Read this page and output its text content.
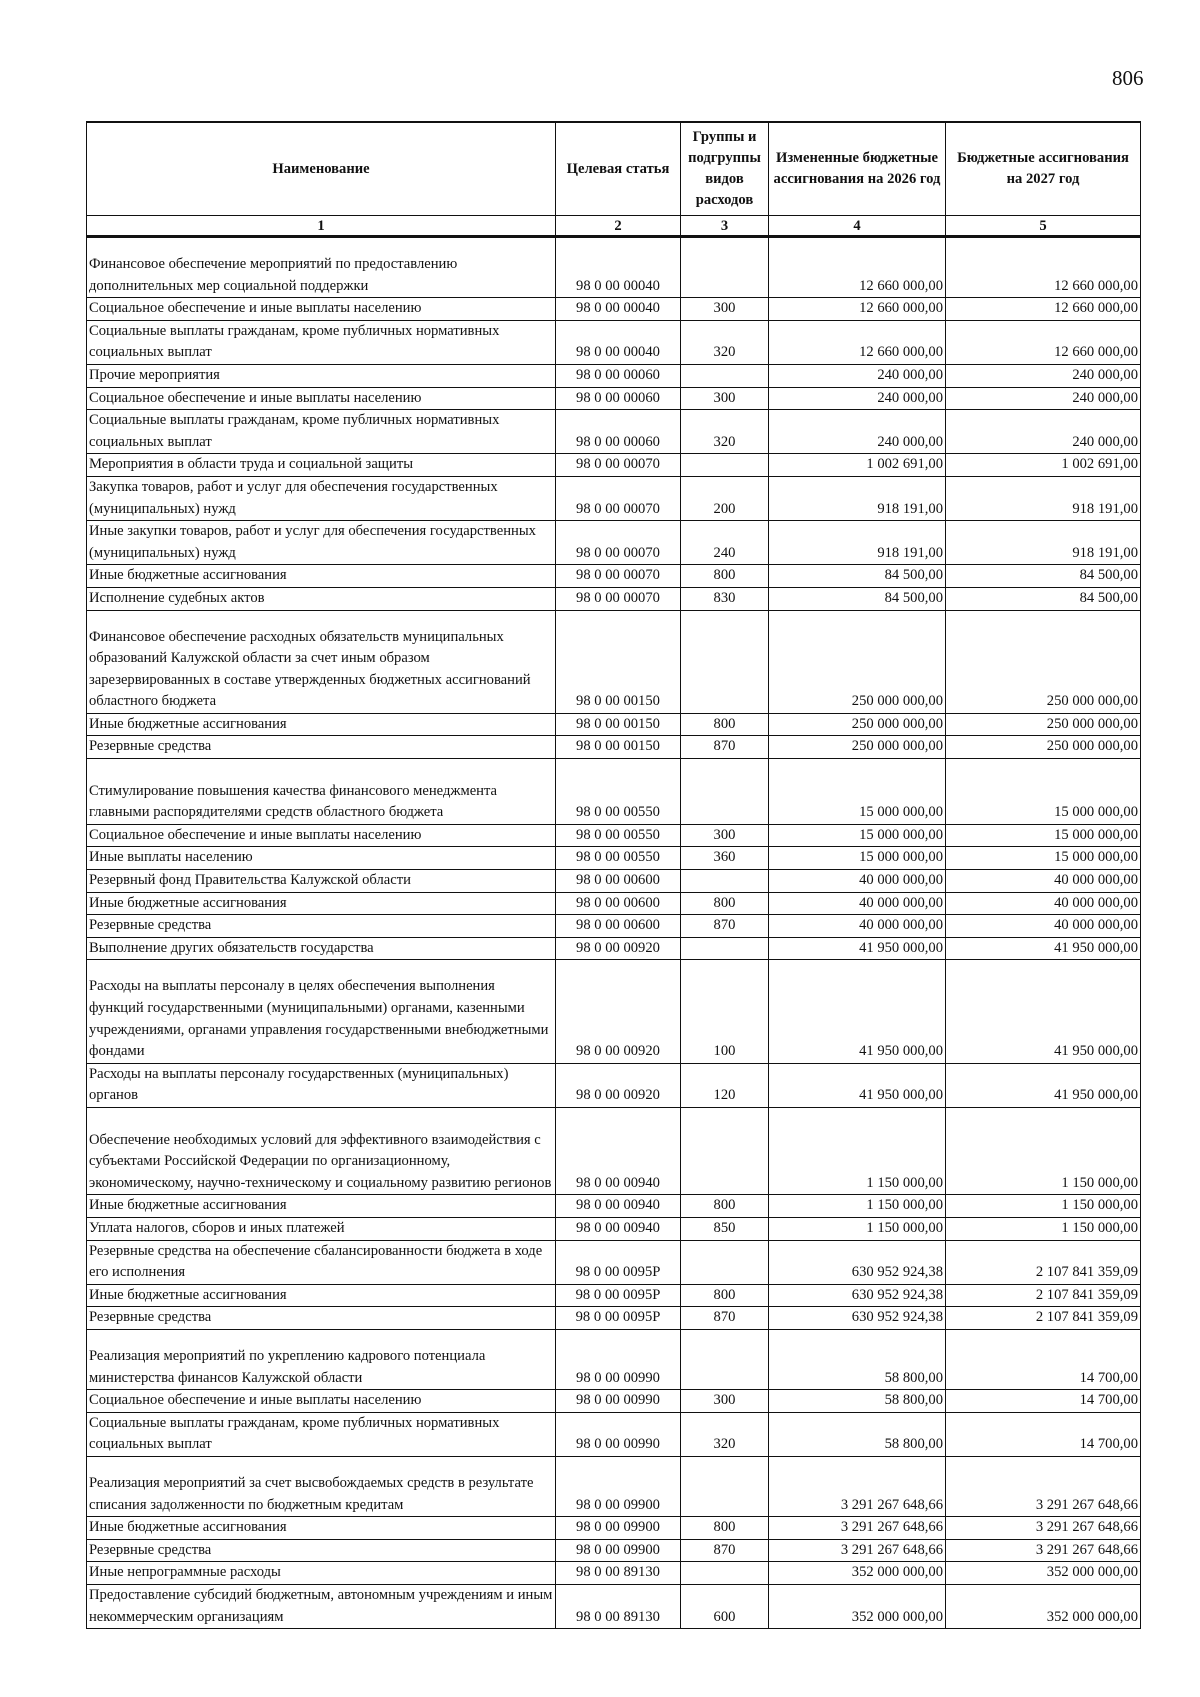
806
Наименование	Целевая статья	Группы и подгруппы видов расходов	Измененные бюджетные ассигнования на 2026 год	Бюджетные ассигнования на 2027 год
1	2	3	4	5
Финансовое обеспечение мероприятий по предоставлению дополнительных мер социальной поддержки	98 0 00 00040		12 660 000,00	12 660 000,00
Социальное обеспечение и иные выплаты населению	98 0 00 00040	300	12 660 000,00	12 660 000,00
Социальные выплаты гражданам, кроме публичных нормативных социальных выплат	98 0 00 00040	320	12 660 000,00	12 660 000,00
Прочие мероприятия	98 0 00 00060		240 000,00	240 000,00
Социальное обеспечение и иные выплаты населению	98 0 00 00060	300	240 000,00	240 000,00
Социальные выплаты гражданам, кроме публичных нормативных социальных выплат	98 0 00 00060	320	240 000,00	240 000,00
Мероприятия в области труда и социальной защиты	98 0 00 00070		1 002 691,00	1 002 691,00
Закупка товаров, работ и услуг для обеспечения государственных (муниципальных) нужд	98 0 00 00070	200	918 191,00	918 191,00
Иные закупки товаров, работ и услуг для обеспечения государственных (муниципальных) нужд	98 0 00 00070	240	918 191,00	918 191,00
Иные бюджетные ассигнования	98 0 00 00070	800	84 500,00	84 500,00
Исполнение судебных актов	98 0 00 00070	830	84 500,00	84 500,00
Финансовое обеспечение расходных обязательств муниципальных образований Калужской области за счет иным образом зарезервированных в составе утвержденных бюджетных ассигнований областного бюджета	98 0 00 00150		250 000 000,00	250 000 000,00
Иные бюджетные ассигнования	98 0 00 00150	800	250 000 000,00	250 000 000,00
Резервные средства	98 0 00 00150	870	250 000 000,00	250 000 000,00
Стимулирование повышения качества финансового менеджмента главными распорядителями средств областного бюджета	98 0 00 00550		15 000 000,00	15 000 000,00
Социальное обеспечение и иные выплаты населению	98 0 00 00550	300	15 000 000,00	15 000 000,00
Иные выплаты населению	98 0 00 00550	360	15 000 000,00	15 000 000,00
Резервный фонд Правительства Калужской области	98 0 00 00600		40 000 000,00	40 000 000,00
Иные бюджетные ассигнования	98 0 00 00600	800	40 000 000,00	40 000 000,00
Резервные средства	98 0 00 00600	870	40 000 000,00	40 000 000,00
Выполнение других обязательств государства	98 0 00 00920		41 950 000,00	41 950 000,00
Расходы на выплаты персоналу в целях обеспечения выполнения функций государственными (муниципальными) органами, казенными учреждениями, органами управления государственными внебюджетными фондами	98 0 00 00920	100	41 950 000,00	41 950 000,00
Расходы на выплаты персоналу государственных (муниципальных) органов	98 0 00 00920	120	41 950 000,00	41 950 000,00
Обеспечение необходимых условий для эффективного взаимодействия с субъектами Российской Федерации по организационному, экономическому, научно-техническому и социальному развитию регионов	98 0 00 00940		1 150 000,00	1 150 000,00
Иные бюджетные ассигнования	98 0 00 00940	800	1 150 000,00	1 150 000,00
Уплата налогов, сборов и иных платежей	98 0 00 00940	850	1 150 000,00	1 150 000,00
Резервные средства на обеспечение сбалансированности бюджета в ходе его исполнения	98 0 00 0095P		630 952 924,38	2 107 841 359,09
Иные бюджетные ассигнования	98 0 00 0095P	800	630 952 924,38	2 107 841 359,09
Резервные средства	98 0 00 0095P	870	630 952 924,38	2 107 841 359,09
Реализация мероприятий по укреплению кадрового потенциала министерства финансов Калужской области	98 0 00 00990		58 800,00	14 700,00
Социальное обеспечение и иные выплаты населению	98 0 00 00990	300	58 800,00	14 700,00
Социальные выплаты гражданам, кроме публичных нормативных социальных выплат	98 0 00 00990	320	58 800,00	14 700,00
Реализация мероприятий за счет высвобождаемых средств в результате списания задолженности по бюджетным кредитам	98 0 00 09900		3 291 267 648,66	3 291 267 648,66
Иные бюджетные ассигнования	98 0 00 09900	800	3 291 267 648,66	3 291 267 648,66
Резервные средства	98 0 00 09900	870	3 291 267 648,66	3 291 267 648,66
Иные непрограммные расходы	98 0 00 89130		352 000 000,00	352 000 000,00
Предоставление субсидий бюджетным, автономным учреждениям и иным некоммерческим организациям	98 0 00 89130	600	352 000 000,00	352 000 000,00
